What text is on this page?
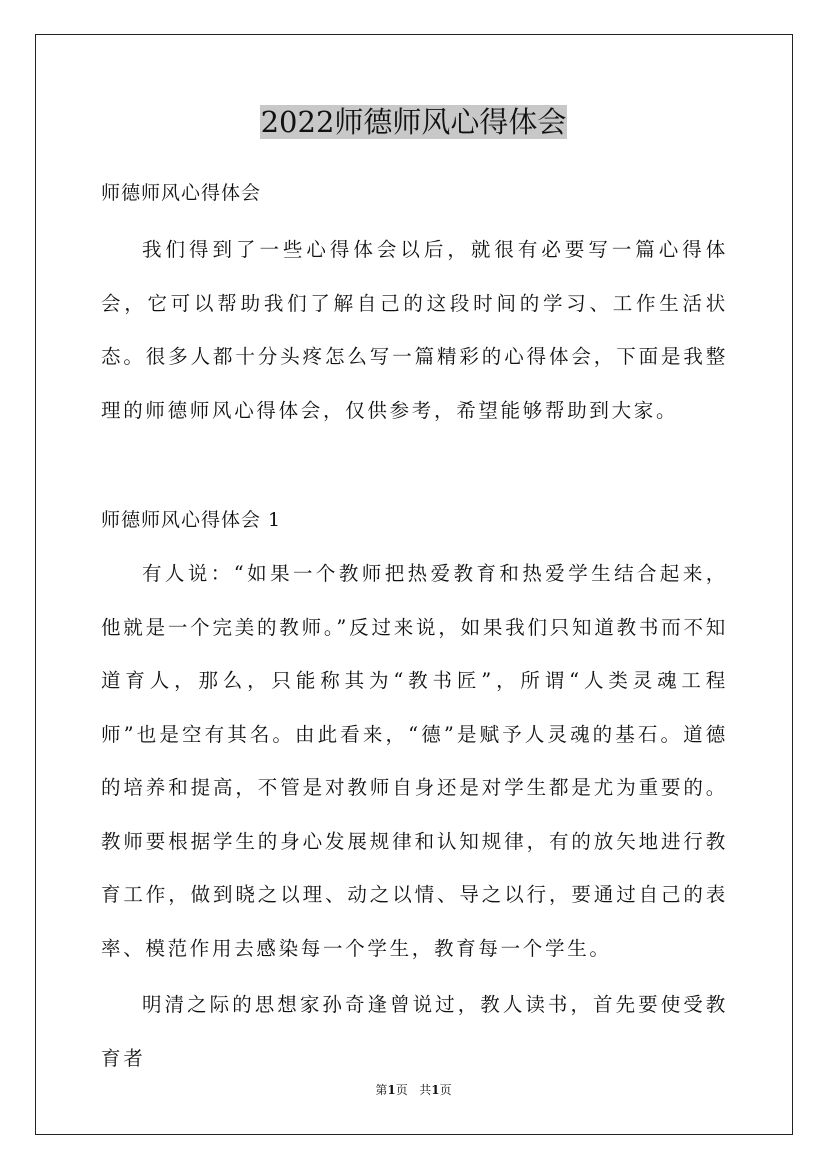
2022师德师风心得体会
师德师风心得体会

我们得到了一些心得体会以后，就很有必要写一篇心得体会，它可以帮助我们了解自己的这段时间的学习、工作生活状态。很多人都十分头疼怎么写一篇精彩的心得体会，下面是我整理的师德师风心得体会，仅供参考，希望能够帮助到大家。

师德师风心得体会 1

有人说：“如果一个教师把热爱教育和热爱学生结合起来，他就是一个完美的教师。”反过来说，如果我们只知道教书而不知道育人，那么，只能称其为“教书匠”，所谓“人类灵魂工程师”也是空有其名。由此看来，“德”是赋予人灵魂的基石。道德的培养和提高，不管是对教师自身还是对学生都是尤为重要的。教师要根据学生的身心发展规律和认知规律，有的放矢地进行教育工作，做到晓之以理、动之以情、导之以行，要通过自己的表率、模范作用去感染每一个学生，教育每一个学生。

明清之际的思想家孙奇逢曾说过，教人读书，首先要使受教育者

第1页 共1页
